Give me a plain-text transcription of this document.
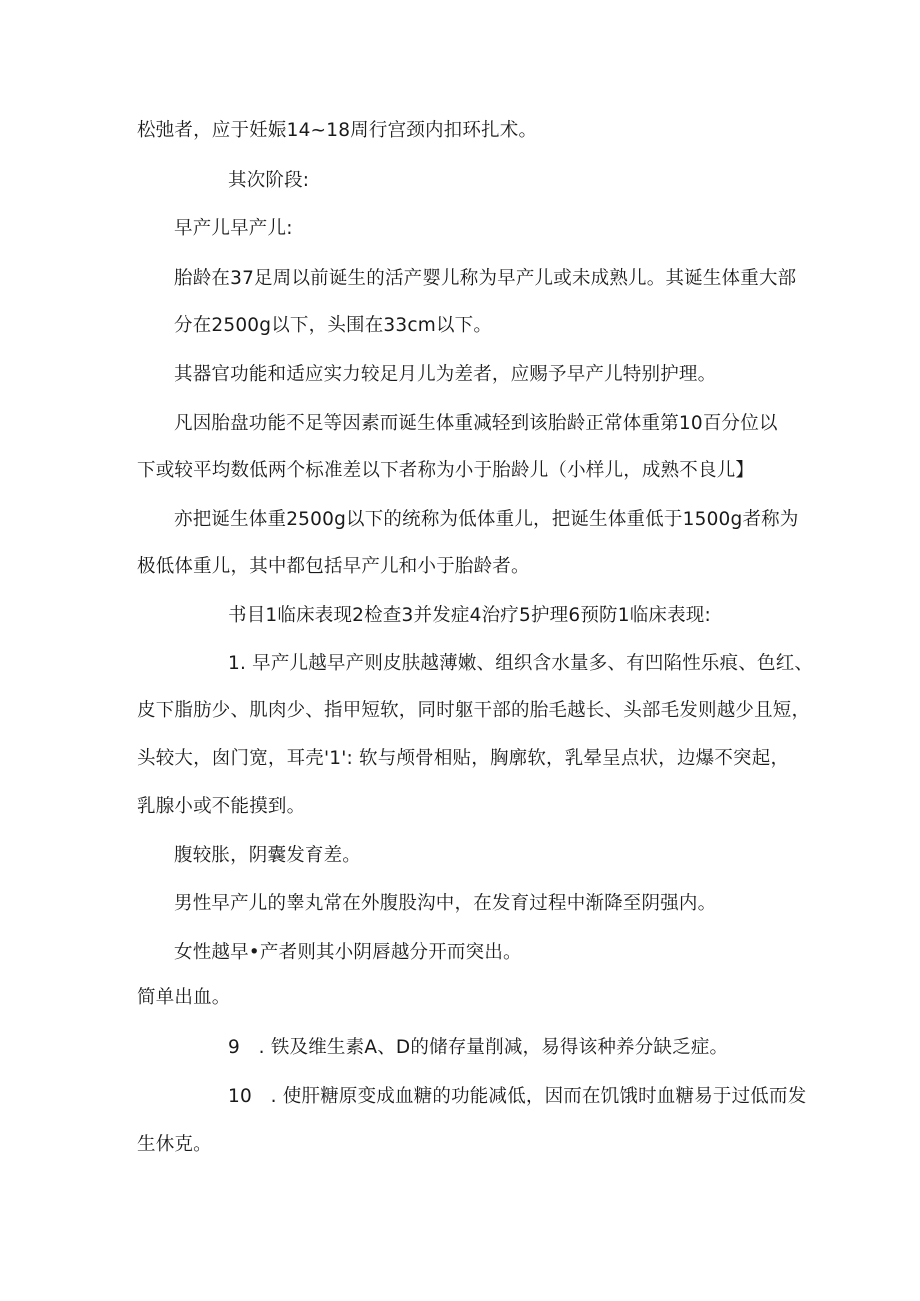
松弛者，应于妊娠14~18周行宫颈内扣环扎术。
其次阶段:
早产儿早产儿:
胎龄在37足周以前诞生的活产婴儿称为早产儿或未成熟儿。其诞生体重大部
分在2500g以下，头围在33cm以下。
其器官功能和适应实力较足月儿为差者，应赐予早产儿特别护理。
凡因胎盘功能不足等因素而诞生体重减轻到该胎龄正常体重第10百分位以
下或较平均数低两个标准差以下者称为小于胎龄儿（小样儿，成熟不良儿】
亦把诞生体重2500g以下的统称为低体重儿，把诞生体重低于1500g者称为
极低体重儿，其中都包括早产儿和小于胎龄者。
书目1临床表现2检查3并发症4治疗5护理6预防1临床表现:
1. 早产儿越早产则皮肤越薄嫩、组织含水量多、有凹陷性乐痕、色红、
皮下脂肪少、肌肉少、指甲短软，同时躯干部的胎毛越长、头部毛发则越少且短，
头较大，囱门宽，耳壳'1': 软与颅骨相贴，胸廓软，乳晕呈点状，边爆不突起，
乳腺小或不能摸到。
腹较胀，阴囊发育差。
男性早产儿的睾丸常在外腹股沟中，在发育过程中渐降至阴强内。
女性越早•产者则其小阴唇越分开而突出。
简单出血。
9　. 铁及维生素A、D的储存量削减，易得该种养分缺乏症。
10　. 使肝糖原变成血糖的功能减低，因而在饥饿时血糖易于过低而发
生休克。
